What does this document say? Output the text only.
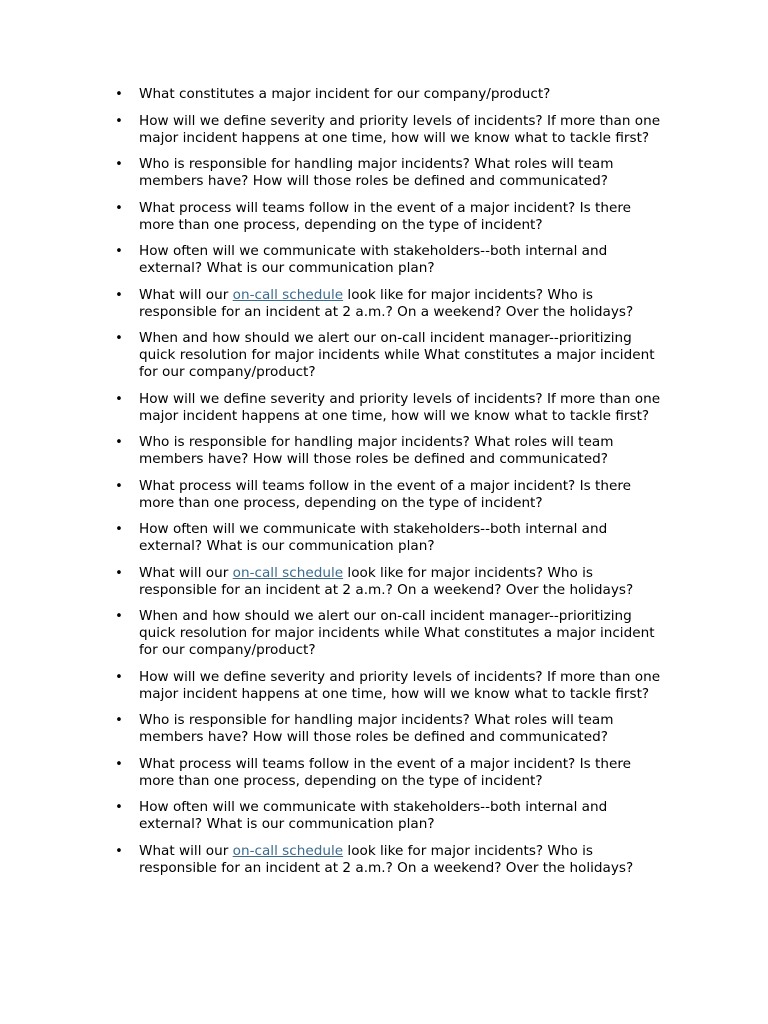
• What constitutes a major incident for our company/product?
• How will we define severity and priority levels of incidents? If more than one major incident happens at one time, how will we know what to tackle first?
• Who is responsible for handling major incidents? What roles will team members have? How will those roles be defined and communicated?
• What process will teams follow in the event of a major incident? Is there more than one process, depending on the type of incident?
• How often will we communicate with stakeholders--both internal and external? What is our communication plan?
• What will our on-call schedule look like for major incidents? Who is responsible for an incident at 2 a.m.? On a weekend? Over the holidays?
• When and how should we alert our on-call incident manager--prioritizing quick resolution for major incidents while What constitutes a major incident for our company/product?
• How will we define severity and priority levels of incidents? If more than one major incident happens at one time, how will we know what to tackle first?
• Who is responsible for handling major incidents? What roles will team members have? How will those roles be defined and communicated?
• What process will teams follow in the event of a major incident? Is there more than one process, depending on the type of incident?
• How often will we communicate with stakeholders--both internal and external? What is our communication plan?
• What will our on-call schedule look like for major incidents? Who is responsible for an incident at 2 a.m.? On a weekend? Over the holidays?
• When and how should we alert our on-call incident manager--prioritizing quick resolution for major incidents while What constitutes a major incident for our company/product?
• How will we define severity and priority levels of incidents? If more than one major incident happens at one time, how will we know what to tackle first?
• Who is responsible for handling major incidents? What roles will team members have? How will those roles be defined and communicated?
• What process will teams follow in the event of a major incident? Is there more than one process, depending on the type of incident?
• How often will we communicate with stakeholders--both internal and external? What is our communication plan?
• What will our on-call schedule look like for major incidents? Who is responsible for an incident at 2 a.m.? On a weekend? Over the holidays?
